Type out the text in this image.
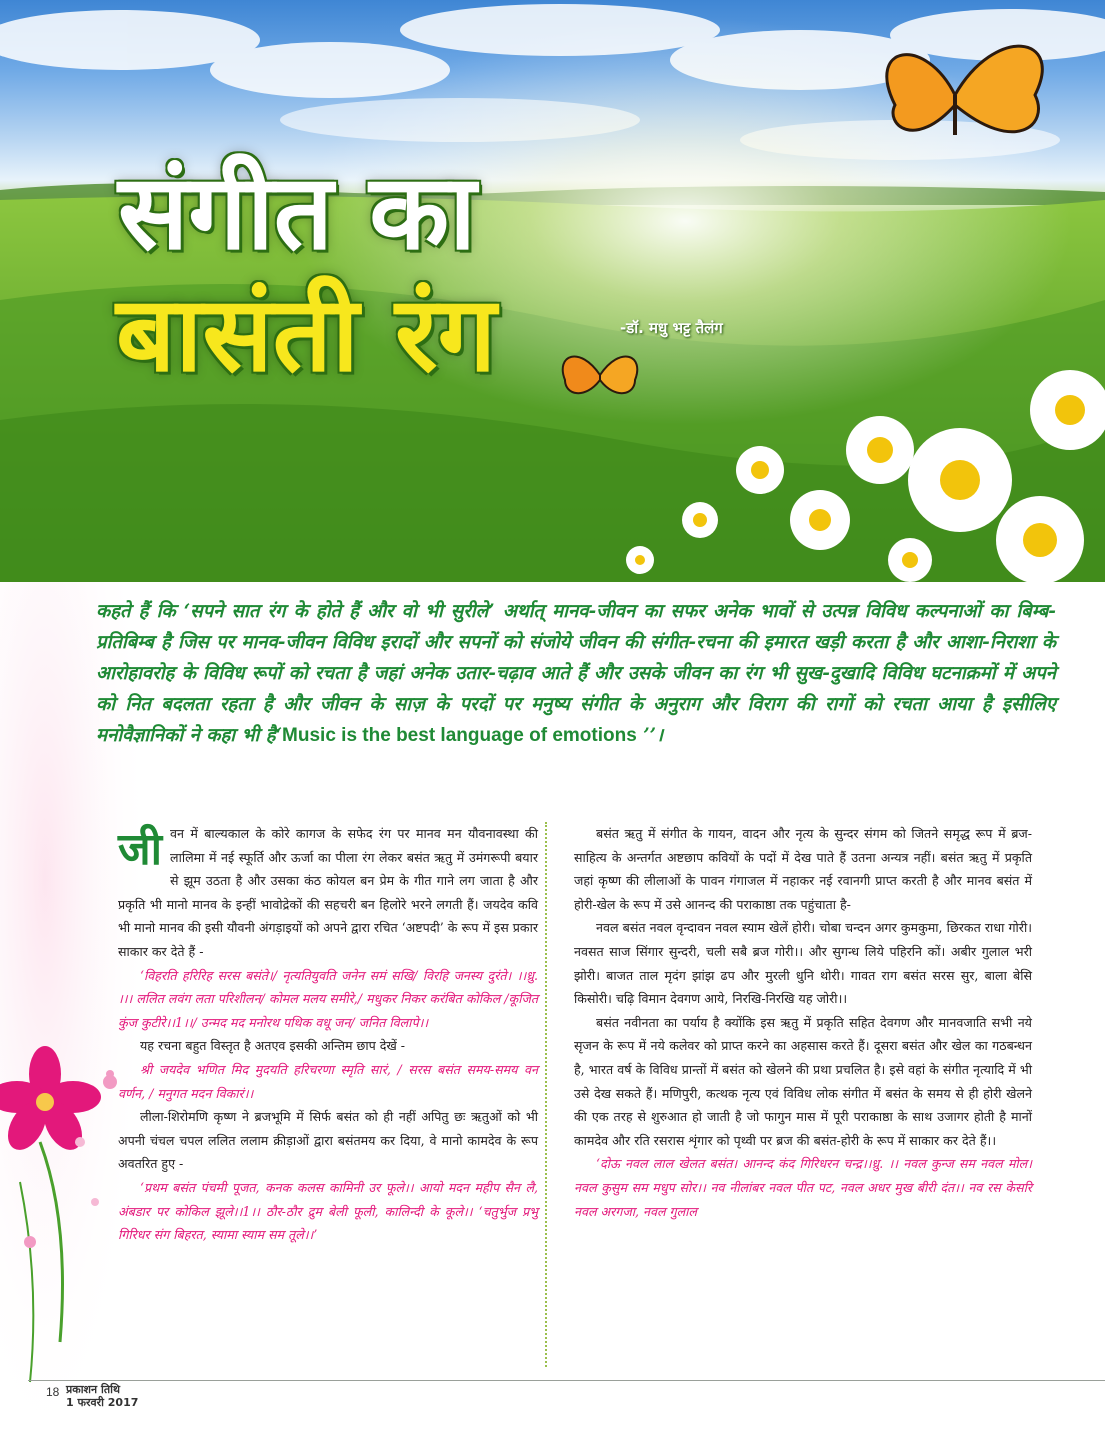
संगीत का
बासंती रंग	-डॉ. मधु भट्ट तैलंग

कहते हैं कि ‘सपने सात रंग के होते हैं और वो भी सुरीले’ अर्थात् मानव-जीवन का सफर अनेक भावों से उत्पन्न विविध कल्पनाओं का बिम्ब-प्रतिबिम्ब है जिस पर मानव-जीवन विविध इरादों और सपनों को संजोये जीवन की संगीत-रचना की इमारत खड़ी करता है और आशा-निराशा के आरोहावरोह के विविध रूपों को रचता है जहां अनेक उतार-चढ़ाव आते हैं और उसके जीवन का रंग भी सुख-दुखादि विविध घटनाक्रमों में अपने को नित बदलता रहता है और जीवन के साज़ के परदों पर मनुष्य संगीत के अनुराग और विराग की रागों को रचता आया है इसीलिए मनोवैज्ञानिकों ने कहा भी है‘Music is the best language of emotions ’’।

जीवन में बाल्यकाल के कोरे कागज के सफेद रंग पर मानव मन यौवनावस्था की लालिमा में नई स्फूर्ति और ऊर्जा का पीला रंग लेकर बसंत ऋतु में उमंगरूपी बयार से झूम उठता है और उसका कंठ कोयल बन प्रेम के गीत गाने लग जाता है और प्रकृति भी मानो मानव के इन्हीं भावोद्रेकों की सहचरी बन हिलोरे भरने लगती हैं। जयदेव कवि भी मानो मानव की इसी यौवनी अंगड़ाइयों को अपने द्वारा रचित ‘अष्टपदी’ के रूप में इस प्रकार साकार कर देते हैं -

‘विहरति हरिरिह सरस बसंते।/ नृत्यतियुवति जनेन समं सखि/ विरहि जनस्य दुरंते। ।।ध्रु. ।।। ललित लवंग लता परिशीलन/ कोमल मलय समीरे,/ मधुकर निकर करंबित कोकिल /कूजित कुंज कुटीरे।।1।।/ उन्मद मद मनोरथ पथिक वधू जन/ जनित विलापे।।

यह रचना बहुत विस्तृत है अतएव इसकी अन्तिम छाप देखें -

श्री जयदेव भणित मिद मुदयति हरिचरणा स्मृति सारं, / सरस बसंत समय-समय वन वर्णन, / मनुगत मदन विकारं।।

लीला-शिरोमणि कृष्ण ने ब्रजभूमि में सिर्फ बसंत को ही नहीं अपितु छः ऋतुओं को भी अपनी चंचल चपल ललित ललाम क्रीड़ाओं द्वारा बसंतमय कर दिया, वे मानो कामदेव के रूप अवतरित हुए -

‘प्रथम बसंत पंचमी पूजत, कनक कलस कामिनी उर फूले।। आयो मदन महीप सैन लै, अंबडार पर कोकिल झूले।।1।। ठौर-ठौर द्रुम बेली फूली, कालिन्दी के कूले।। ‘चतुर्भुज प्रभु गिरिधर संग बिहरत, स्यामा स्याम सम तूले।।’

बसंत ऋतु में संगीत के गायन, वादन और नृत्य के सुन्दर संगम को जितने समृद्ध रूप में ब्रज-साहित्य के अन्तर्गत अष्टछाप कवियों के पदों में देख पाते हैं उतना अन्यत्र नहीं। बसंत ऋतु में प्रकृति जहां कृष्ण की लीलाओं के पावन गंगाजल में नहाकर नई रवानगी प्राप्त करती है और मानव बसंत में होरी-खेल के रूप में उसे आनन्द की पराकाष्ठा तक पहुंचाता है-

नवल बसंत नवल वृन्दावन नवल स्याम खेलें होरी। चोबा चन्दन अगर कुमकुमा, छिरकत राधा गोरी। नवसत साज सिंगार सुन्दरी, चली सबै ब्रज गोरी।। और सुगन्ध लिये पहिरनि कों। अबीर गुलाल भरी झोरी। बाजत ताल मृदंग झांझ ढप और मुरली धुनि थोरी। गावत राग बसंत सरस सुर, बाला बेसि किसोरी। चढ़ि विमान देवगण आये, निरखि-निरखि यह जोरी।।

बसंत नवीनता का पर्याय है क्योंकि इस ऋतु में प्रकृति सहित देवगण और मानवजाति सभी नये सृजन के रूप में नये कलेवर को प्राप्त करने का अहसास करते हैं। दूसरा बसंत और खेल का गठबन्धन है, भारत वर्ष के विविध प्रान्तों में बसंत को खेलने की प्रथा प्रचलित है। इसे वहां के संगीत नृत्यादि में भी उसे देख सकते हैं। मणिपुरी, कत्थक नृत्य एवं विविध लोक संगीत में बसंत के समय से ही होरी खेलने की एक तरह से शुरुआत हो जाती है जो फागुन मास में पूरी पराकाष्ठा के साथ उजागर होती है मानों कामदेव और रति रसरास शृंगार को पृथ्वी पर ब्रज की बसंत-होरी के रूप में साकार कर देते हैं।।

‘दोऊ नवल लाल खेलत बसंत। आनन्द कंद गिरिधरन चन्द्र।।ध्रु. ।। नवल कुन्ज सम नवल मोल। नवल कुसुम सम मधुप सोर।। नव नीलांबर नवल पीत पट, नवल अधर मुख बीरी दंत।। नव रस केसरि नवल अरगजा, नवल गुलाल

18 प्रकाशन तिथि
1 फरवरी 2017
